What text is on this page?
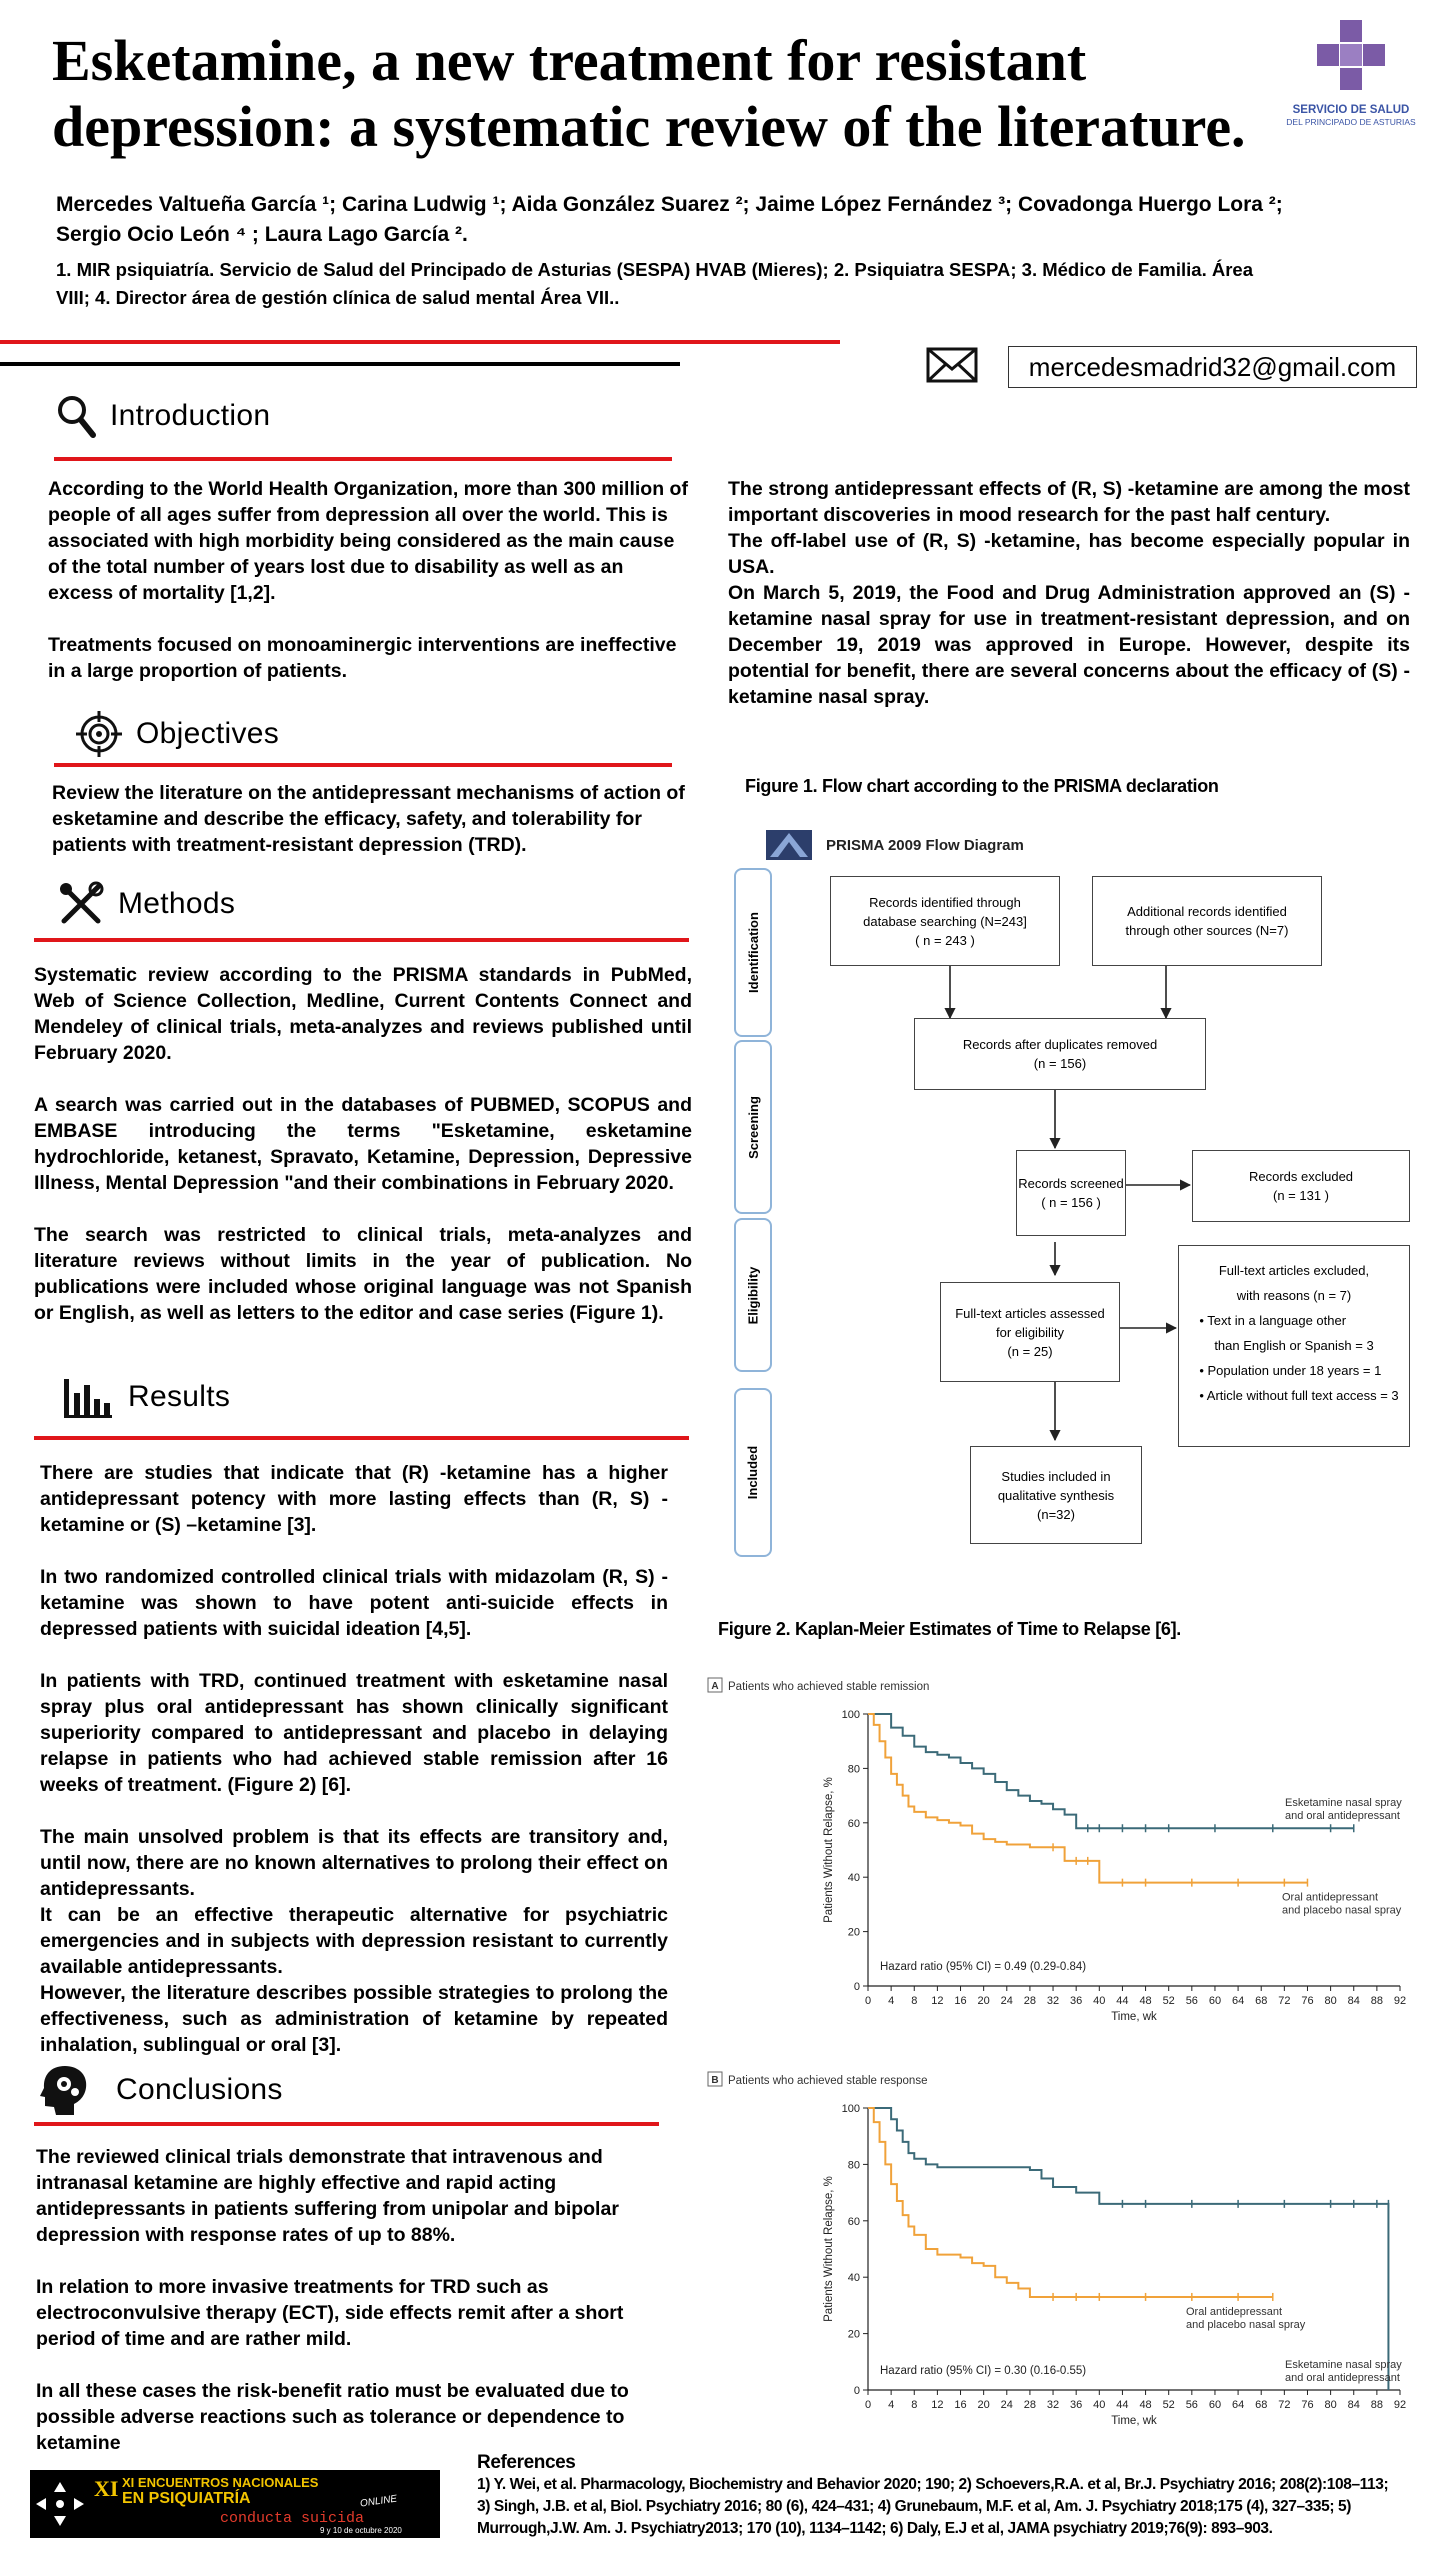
Esketamine, a new treatment for resistant
depression: a systematic review of the literature.	SERVICIO DE SALUD
DEL PRINCIPADO DE ASTURIAS
Mercedes Valtueña García ¹; Carina Ludwig ¹; Aida González Suarez ²; Jaime López Fernández ³; Covadonga Huergo Lora ²;
Sergio Ocio León ⁴ ; Laura Lago García ².
1. MIR psiquiatría. Servicio de Salud del Principado de Asturias (SESPA) HVAB (Mieres); 2. Psiquiatra SESPA; 3. Médico de Familia. Área
VIII; 4. Director área de gestión clínica de salud mental Área VII..
mercedesmadrid32@gmail.com
Introduction

According to the World Health Organization, more than 300 million of people of all ages suffer from depression all over the world. This is associated with high morbidity being considered as the main cause of the total number of years lost due to disability as well as an excess of mortality [1,2].

Treatments focused on monoaminergic interventions are ineffective in a large proportion of patients.

The strong antidepressant effects of (R, S) -ketamine are among the most important discoveries in mood research for the past half century.
The off-label use of (R, S) -ketamine, has become especially popular in USA.
On March 5, 2019, the Food and Drug Administration approved an (S) -ketamine nasal spray for use in treatment-resistant depression, and on December 19, 2019 was approved in Europe. However, despite its potential for benefit, there are several concerns about the efficacy of (S) -ketamine nasal spray.
Objectives
Review the literature on the antidepressant mechanisms of action of esketamine and describe the efficacy, safety, and tolerability for patients with treatment-resistant depression (TRD).
Methods

Systematic review according to the PRISMA standards in PubMed, Web of Science Collection, Medline, Current Contents Connect and Mendeley of clinical trials, meta-analyzes and reviews published until February 2020.

A search was carried out in the databases of PUBMED, SCOPUS and EMBASE introducing the terms "Esketamine, esketamine hydrochloride, ketanest, Spravato, Ketamine, Depression, Depressive Illness, Mental Depression "and their combinations in February 2020.

The search was restricted to clinical trials, meta-analyzes and literature reviews without limits in the year of publication. No publications were included whose original language was not Spanish or English, as well as letters to the editor and case series (Figure 1).

Results

There are studies that indicate that (R) -ketamine has a higher antidepressant potency with more lasting effects than (R, S) -ketamine or (S) –ketamine [3].

In two randomized controlled clinical trials with midazolam (R, S) -ketamine was shown to have potent anti-suicide effects in depressed patients with suicidal ideation [4,5].

In patients with TRD, continued treatment with esketamine nasal spray plus oral antidepressant has shown clinically significant superiority compared to antidepressant and placebo in delaying relapse in patients who had achieved stable remission after 16 weeks of treatment. (Figure 2) [6].

The main unsolved problem is that its effects are transitory and, until now, there are no known alternatives to prolong their effect on antidepressants.
It can be an effective therapeutic alternative for psychiatric emergencies and in subjects with depression resistant to currently available antidepressants.
However, the literature describes possible strategies to prolong the effectiveness, such as administration of ketamine by repeated inhalation, sublingual or oral [3].
Conclusions

The reviewed clinical trials demonstrate that intravenous and intranasal ketamine are highly effective and rapid acting antidepressants in patients suffering from unipolar and bipolar depression with response rates of up to 88%.

In relation to more invasive treatments for TRD such as electroconvulsive therapy (ECT), side effects remit after a short period of time and are rather mild.

In all these cases the risk-benefit ratio must be evaluated due to possible adverse reactions such as tolerance or dependence to ketamine
Figure 1. Flow chart according to the PRISMA declaration
PRISMA 2009 Flow Diagram
Identification
Screening
Eligibility
Included
Records identified through
database searching (N=243]
( n = 243 )
Additional records identified
through other sources (N=7)
Records after duplicates removed
(n = 156)
Records screened
( n = 156 )
Records excluded
(n = 131 )
Full-text articles assessed
for eligibility
(n = 25)
Full-text articles excluded,
with reasons (n = 7)
• Text in a language other
than English or Spanish = 3
• Population under 18 years = 1
• Article without full text access = 3
Studies included in
qualitative synthesis
(n=32)
Figure 2. Kaplan-Meier Estimates of Time to Relapse [6].
A Patients who achieved stable remission
0
20
40
60
80
100
0 4 8 12 16 20 24 28 32 36 40 44 48 52 56 60 64 68 72 76 80 84 88 92
Time, wk
Patients Without Relapse, %
Hazard ratio (95% CI) = 0.49 (0.29-0.84)
Esketamine nasal spray
and oral antidepressant
Oral antidepressant
and placebo nasal spray
B Patients who achieved stable response
0
20
40
60
80
100
0 4 8 12 16 20 24 28 32 36 40 44 48 52 56 60 64 68 72 76 80 84 88 92
Time, wk
Patients Without Relapse, %
Hazard ratio (95% CI) = 0.30 (0.16-0.55)	Esketamine nasal spray
and oral antidepressant
Oral antidepressant
and placebo nasal spray
XI XI ENCUENTROS NACIONALES
EN PSIQUIATRÍA	ONLINE
conducta suicida
9 y 10 de octubre 2020
References
1) Y. Wei, et al. Pharmacology, Biochemistry and Behavior 2020; 190; 2) Schoevers,R.A. et al, Br.J. Psychiatry 2016; 208(2):108–113;
3) Singh, J.B. et al, Biol. Psychiatry 2016; 80 (6), 424–431; 4) Grunebaum, M.F. et al, Am. J. Psychiatry 2018;175 (4), 327–335; 5)
Murrough,J.W. Am. J. Psychiatry2013; 170 (10), 1134–1142; 6) Daly, E.J et al, JAMA psychiatry 2019;76(9): 893–903.
